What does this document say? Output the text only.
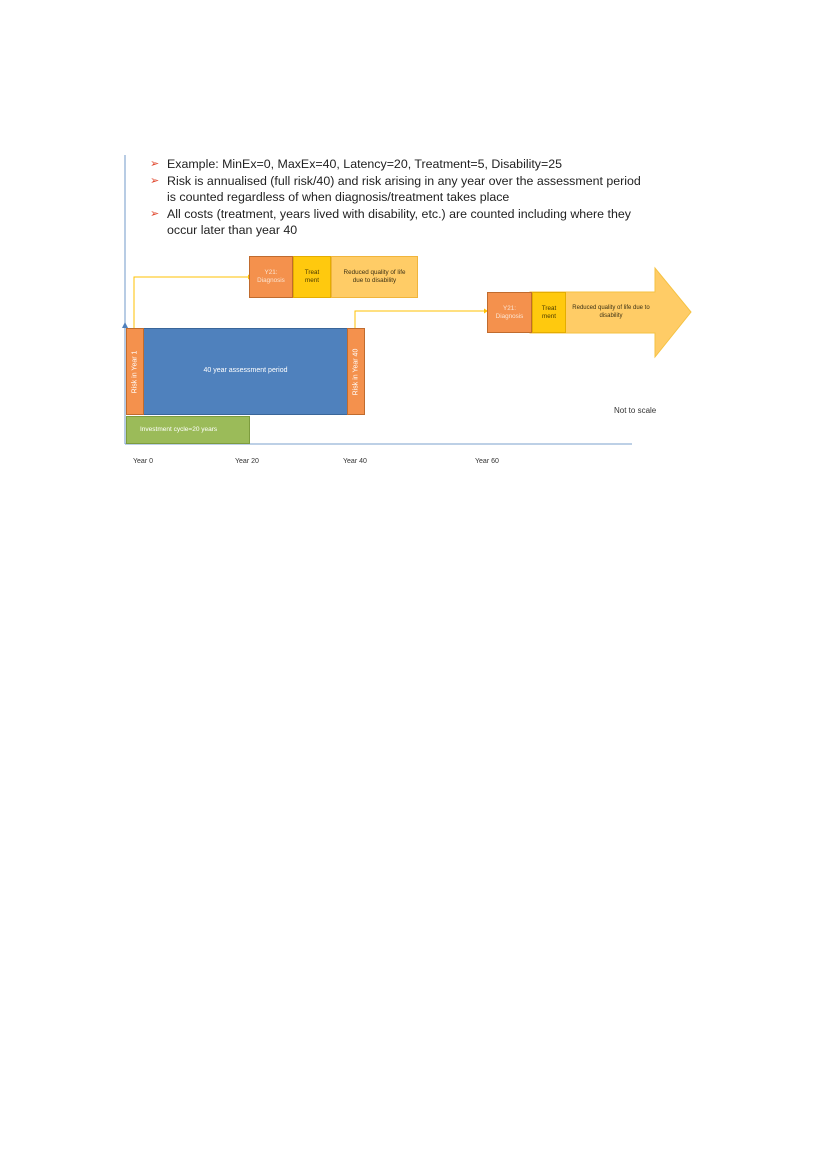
➢ Example: MinEx=0, MaxEx=40, Latency=20, Treatment=5, Disability=25
➢ Risk is annualised (full risk/40) and risk arising in any year over the assessment period is counted regardless of when diagnosis/treatment takes place
➢ All costs (treatment, years lived with disability, etc.) are counted including where they occur later than year 40
Y21:
Diagnosis
Treat
ment
Reduced quality of life
due to disability
Y21:
Diagnosis
Treat
ment
Reduced quality of life due to
disability
40 year assessment period
Risk in Year 1	Risk in Year 40
Investment cycle=20 years
Not to scale
Year 0	Year 20	Year 40	Year 60
